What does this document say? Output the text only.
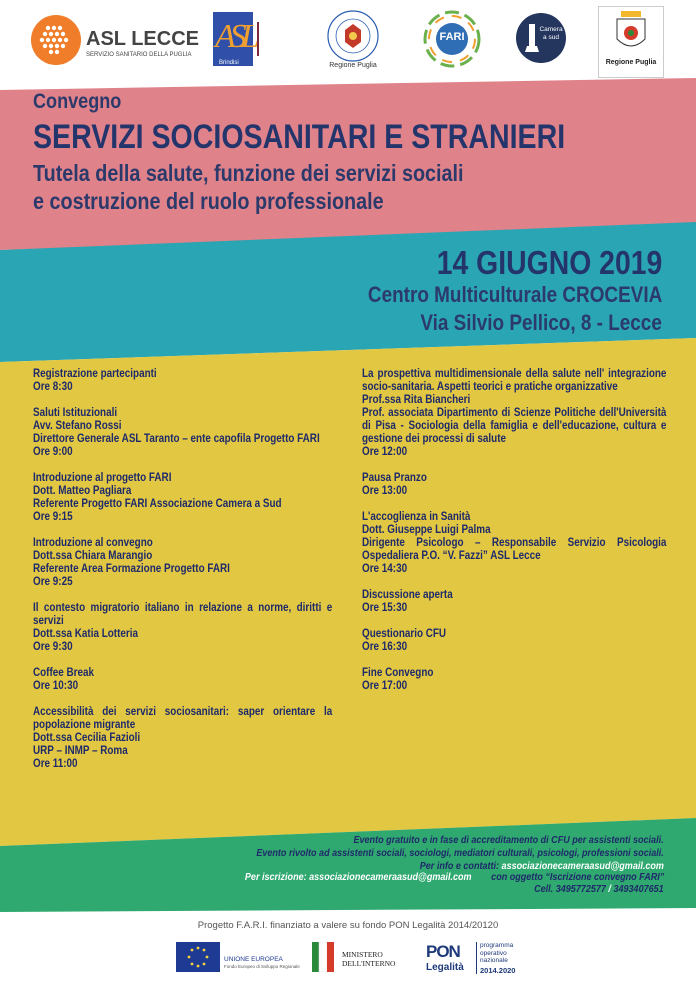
ASL LECCE
SERVIZIO SANITARIO DELLA PUGLIA ASL
Brindisi	Regione Puglia
FARI
Camera a sud
Regione Puglia
Convegno
SERVIZI SOCIOSANITARI E STRANIERI
Tutela della salute, funzione dei servizi sociali
e costruzione del ruolo professionale
14 GIUGNO 2019
Centro Multiculturale CROCEVIA
Via Silvio Pellico, 8 - Lecce
Registrazione partecipanti
Ore 8:30
Saluti Istituzionali
Avv. Stefano Rossi
Direttore Generale ASL Taranto – ente capofila Progetto FARI
Ore 9:00
Introduzione al progetto FARI
Dott. Matteo Pagliara
Referente Progetto FARI Associazione Camera a Sud
Ore 9:15
Introduzione al convegno
Dott.ssa Chiara Marangio
Referente Area Formazione Progetto FARI
Ore 9:25
Il contesto migratorio italiano in relazione a norme, diritti e servizi
Dott.ssa Katia Lotteria
Ore 9:30
Coffee Break
Ore 10:30
Accessibilità dei servizi sociosanitari: saper orientare la popolazione migrante
Dott.ssa Cecilia Fazioli
URP – INMP – Roma
Ore 11:00
La prospettiva multidimensionale della salute nell' integrazione socio-sanitaria. Aspetti teorici e pratiche organizzative
Prof.ssa Rita Biancheri
Prof. associata Dipartimento di Scienze Politiche dell'Università di Pisa - Sociologia della famiglia e dell'educazione, cultura e gestione dei processi di salute
Ore 12:00
Pausa Pranzo
Ore 13:00
L'accoglienza in Sanità
Dott. Giuseppe Luigi Palma
Dirigente Psicologo – Responsabile Servizio Psicologia Ospedaliera P.O. “V. Fazzi” ASL Lecce
Ore 14:30
Discussione aperta
Ore 15:30
Questionario CFU
Ore 16:30
Fine Convegno
Ore 17:00
Evento gratuito e in fase di accreditamento di CFU per assistenti sociali.
Evento rivolto ad assistenti sociali, sociologi, mediatori culturali, psicologi, professioni sociali.
Per info e contatti: associazionecameraasud@gmail.com
Per iscrizione: associazionecameraasud@gmail.com con oggetto “Iscrizione convegno FARI”
Cell. 3495772577 / 3493407651
Progetto F.A.R.I. finanziato a valere su fondo PON Legalità 2014/20120
UNIONE EUROPEA
Fondo Europeo di Sviluppo Regionale
MINISTERO DELL'INTERNO
PON
Legalità
programma operativo nazionale
2014.2020
